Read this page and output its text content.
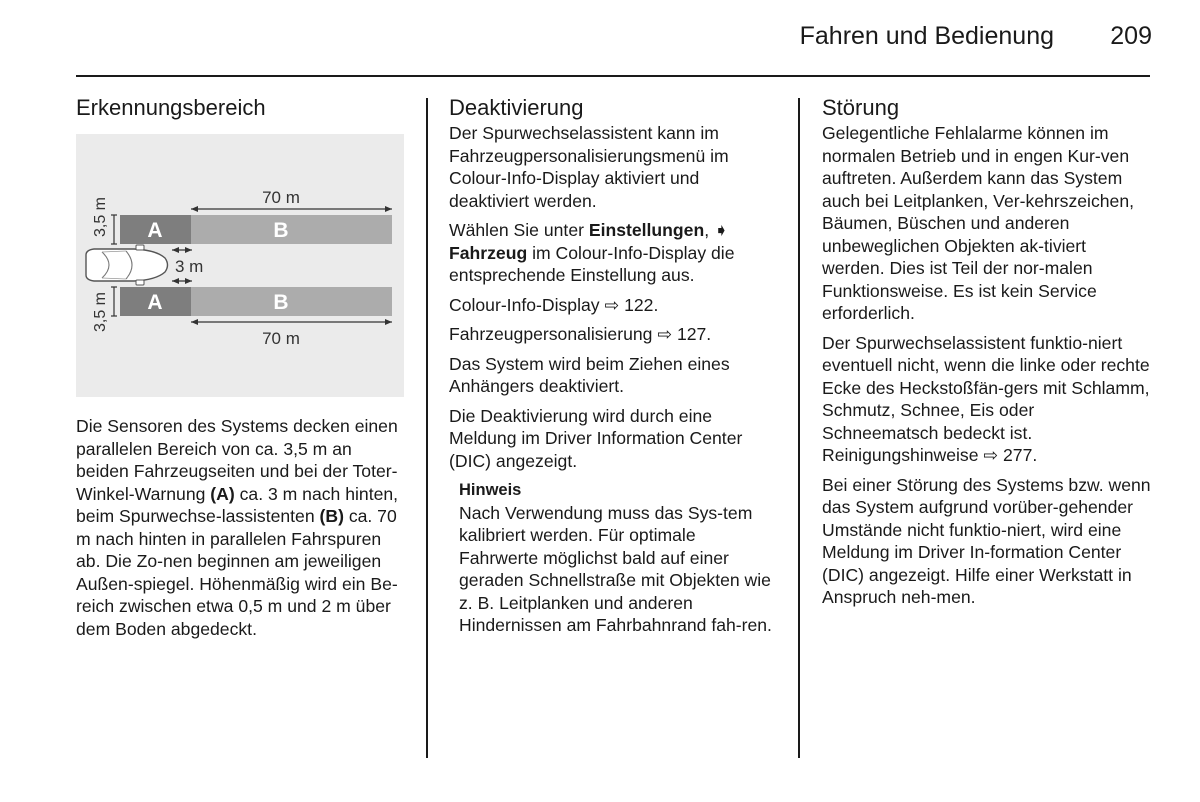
Fahren und Bedienung 209
Erkennungsbereich
A	B
A	B
70 m
70 m
3,5 m
3,5 m
3 m

Die Sensoren des Systems decken einen parallelen Bereich von ca. 3,5 m an beiden Fahrzeugseiten und bei der Toter-Winkel-Warnung (A) ca. 3 m nach hinten, beim Spurwechse-lassistenten (B) ca. 70 m nach hinten in parallelen Fahrspuren ab. Die Zo-nen beginnen am jeweiligen Außen-spiegel. Höhenmäßig wird ein Be-reich zwischen etwa 0,5 m und 2 m über dem Boden abgedeckt.

Deaktivierung

Der Spurwechselassistent kann im Fahrzeugpersonalisierungsmenü im Colour-Info-Display aktiviert und deaktiviert werden.

Wählen Sie unter Einstellungen, ➧ Fahrzeug im Colour-Info-Display die entsprechende Einstellung aus.

Colour-Info-Display ⇨ 122.

Fahrzeugpersonalisierung ⇨ 127.

Das System wird beim Ziehen eines Anhängers deaktiviert.

Die Deaktivierung wird durch eine Meldung im Driver Information Center (DIC) angezeigt.

Hinweis
Nach Verwendung muss das Sys-tem kalibriert werden. Für optimale Fahrwerte möglichst bald auf einer geraden Schnellstraße mit Objekten wie z. B. Leitplanken und anderen Hindernissen am Fahrbahnrand fah-ren.
Störung

Gelegentliche Fehlalarme können im normalen Betrieb und in engen Kur-ven auftreten. Außerdem kann das System auch bei Leitplanken, Ver-kehrszeichen, Bäumen, Büschen und anderen unbeweglichen Objekten ak-tiviert werden. Dies ist Teil der nor-malen Funktionsweise. Es ist kein Service erforderlich.

Der Spurwechselassistent funktio-niert eventuell nicht, wenn die linke oder rechte Ecke des Heckstoßfän-gers mit Schlamm, Schmutz, Schnee, Eis oder Schneematsch bedeckt ist. Reinigungshinweise ⇨ 277.

Bei einer Störung des Systems bzw. wenn das System aufgrund vorüber-gehender Umstände nicht funktio-niert, wird eine Meldung im Driver In-formation Center (DIC) angezeigt. Hilfe einer Werkstatt in Anspruch neh-men.
